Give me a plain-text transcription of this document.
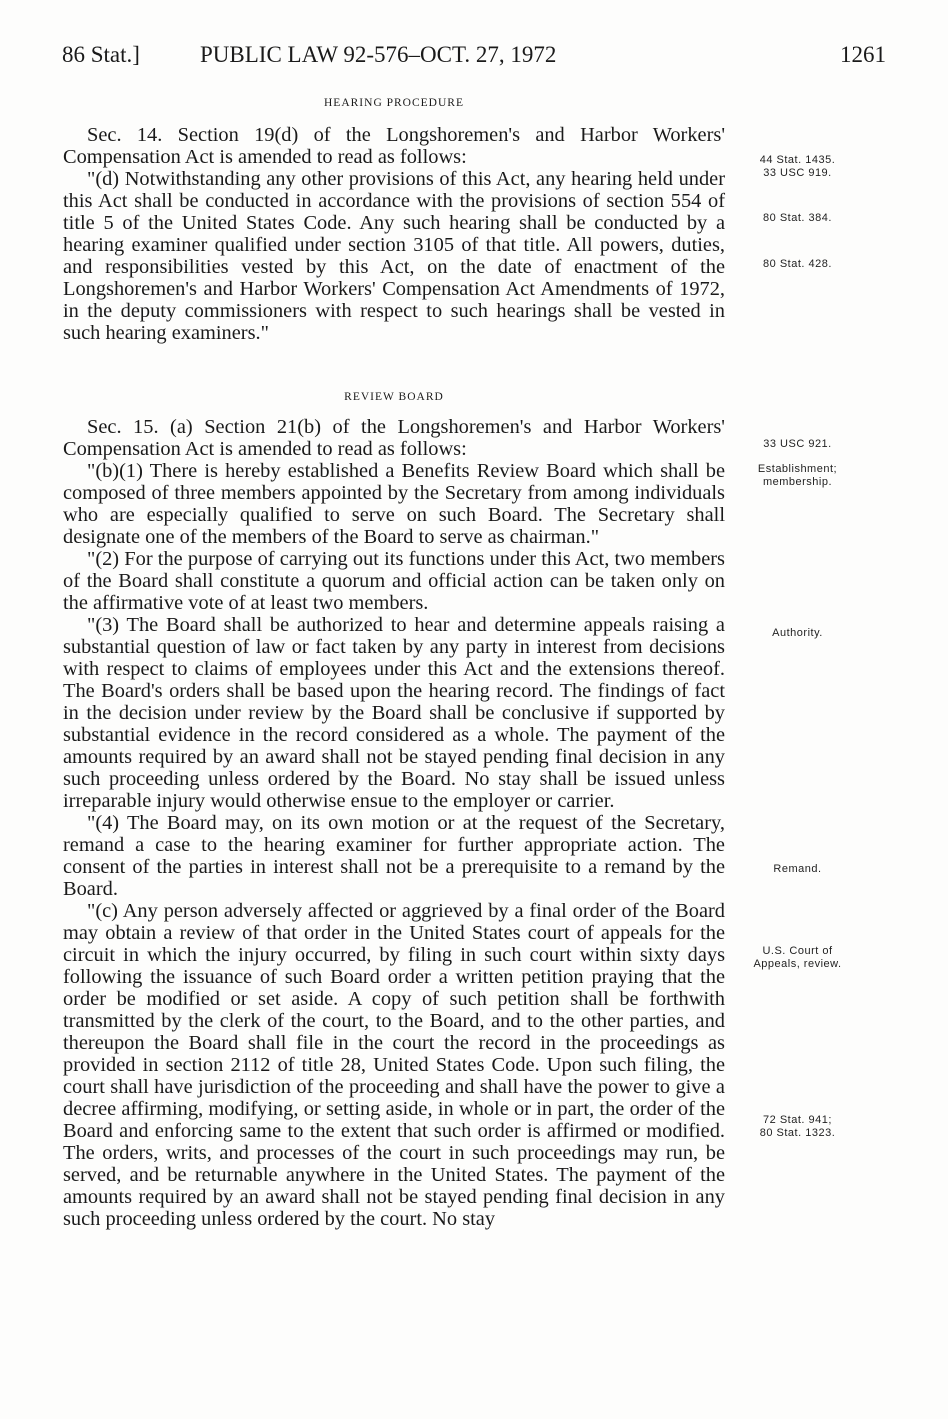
86 Stat.]	PUBLIC LAW 92-576–OCT. 27, 1972	1261
HEARING PROCEDURE

Sec. 14. Section 19(d) of the Longshoremen's and Harbor Workers' Compensation Act is amended to read as follows:

"(d) Notwithstanding any other provisions of this Act, any hearing held under this Act shall be conducted in accordance with the provisions of section 554 of title 5 of the United States Code. Any such hearing shall be conducted by a hearing examiner qualified under section 3105 of that title. All powers, duties, and responsibilities vested by this Act, on the date of enactment of the Longshoremen's and Harbor Workers' Compensation Act Amendments of 1972, in the deputy commissioners with respect to such hearings shall be vested in such hearing examiners."

REVIEW BOARD

Sec. 15. (a) Section 21(b) of the Longshoremen's and Harbor Workers' Compensation Act is amended to read as follows:

"(b)(1) There is hereby established a Benefits Review Board which shall be composed of three members appointed by the Secretary from among individuals who are especially qualified to serve on such Board. The Secretary shall designate one of the members of the Board to serve as chairman."

"(2) For the purpose of carrying out its functions under this Act, two members of the Board shall constitute a quorum and official action can be taken only on the affirmative vote of at least two members.

"(3) The Board shall be authorized to hear and determine appeals raising a substantial question of law or fact taken by any party in interest from decisions with respect to claims of employees under this Act and the extensions thereof. The Board's orders shall be based upon the hearing record. The findings of fact in the decision under review by the Board shall be conclusive if supported by substantial evidence in the record considered as a whole. The payment of the amounts required by an award shall not be stayed pending final decision in any such proceeding unless ordered by the Board. No stay shall be issued unless irreparable injury would otherwise ensue to the employer or carrier.

"(4) The Board may, on its own motion or at the request of the Secretary, remand a case to the hearing examiner for further appropriate action. The consent of the parties in interest shall not be a prerequisite to a remand by the Board.

"(c) Any person adversely affected or aggrieved by a final order of the Board may obtain a review of that order in the United States court of appeals for the circuit in which the injury occurred, by filing in such court within sixty days following the issuance of such Board order a written petition praying that the order be modified or set aside. A copy of such petition shall be forthwith transmitted by the clerk of the court, to the Board, and to the other parties, and thereupon the Board shall file in the court the record in the proceedings as provided in section 2112 of title 28, United States Code. Upon such filing, the court shall have jurisdiction of the proceeding and shall have the power to give a decree affirming, modifying, or setting aside, in whole or in part, the order of the Board and enforcing same to the extent that such order is affirmed or modified. The orders, writs, and processes of the court in such proceedings may run, be served, and be returnable anywhere in the United States. The payment of the amounts required by an award shall not be stayed pending final decision in any such proceeding unless ordered by the court. No stay

44 Stat. 1435.
33 USC 919.
80 Stat. 384.
80 Stat. 428.
33 USC 921.
Establishment;
membership.
Authority.
Remand.
U.S. Court of
Appeals, review.
72 Stat. 941;
80 Stat. 1323.
